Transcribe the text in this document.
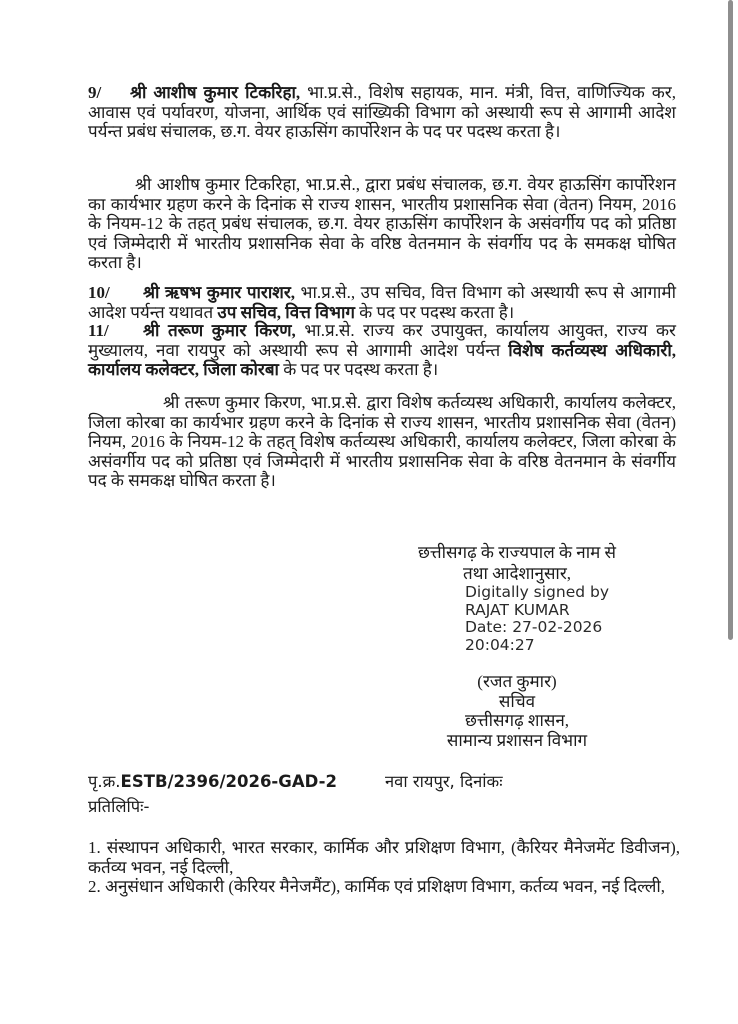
9/ श्री आशीष कुमार टिकरिहा, भा.प्र.से., विशेष सहायक, मान. मंत्री, वित्त, वाणिज्यिक कर, आवास एवं पर्यावरण, योजना, आर्थिक एवं सांख्यिकी विभाग को अस्थायी रूप से आगामी आदेश पर्यन्त प्रबंध संचालक, छ.ग. वेयर हाऊसिंग कार्पोरेशन के पद पर पदस्थ करता है।

श्री आशीष कुमार टिकरिहा, भा.प्र.से., द्वारा प्रबंध संचालक, छ.ग. वेयर हाऊसिंग कार्पोरेशन का कार्यभार ग्रहण करने के दिनांक से राज्य शासन, भारतीय प्रशासनिक सेवा (वेतन) नियम, 2016 के नियम-12 के तहत् प्रबंध संचालक, छ.ग. वेयर हाऊसिंग कार्पोरेशन के असंवर्गीय पद को प्रतिष्ठा एवं जिम्मेदारी में भारतीय प्रशासनिक सेवा के वरिष्ठ वेतनमान के संवर्गीय पद के समकक्ष घोषित करता है।

10/ श्री ऋषभ कुमार पाराशर, भा.प्र.से., उप सचिव, वित्त विभाग को अस्थायी रूप से आगामी आदेश पर्यन्त यथावत उप सचिव, वित्त विभाग के पद पर पदस्थ करता है।

11/ श्री तरूण कुमार किरण, भा.प्र.से. राज्य कर उपायुक्त, कार्यालय आयुक्त, राज्य कर मुख्यालय, नवा रायपुर को अस्थायी रूप से आगामी आदेश पर्यन्त विशेष कर्तव्यस्थ अधिकारी, कार्यालय कलेक्टर, जिला कोरबा के पद पर पदस्थ करता है।

श्री तरूण कुमार किरण, भा.प्र.से. द्वारा विशेष कर्तव्यस्थ अधिकारी, कार्यालय कलेक्टर, जिला कोरबा का कार्यभार ग्रहण करने के दिनांक से राज्य शासन, भारतीय प्रशासनिक सेवा (वेतन) नियम, 2016 के नियम-12 के तहत् विशेष कर्तव्यस्थ अधिकारी, कार्यालय कलेक्टर, जिला कोरबा के असंवर्गीय पद को प्रतिष्ठा एवं जिम्मेदारी में भारतीय प्रशासनिक सेवा के वरिष्ठ वेतनमान के संवर्गीय पद के समकक्ष घोषित करता है।

छत्तीसगढ़ के राज्यपाल के नाम से
तथा आदेशानुसार,
Digitally signed by
RAJAT KUMAR
Date: 27-02-2026
20:04:27
(रजत कुमार)
सचिव
छत्तीसगढ़ शासन,
सामान्य प्रशासन विभाग
पृ.क्र.ESTB/2396/2026-GAD-2	नवा रायपुर, दिनांकः
प्रतिलिपिः-

1. संस्थापन अधिकारी, भारत सरकार, कार्मिक और प्रशिक्षण विभाग, (कैरियर मैनेजमेंट डिवीजन), कर्तव्य भवन, नई दिल्ली,

2. अनुसंधान अधिकारी (केरियर मैनेजमैंट), कार्मिक एवं प्रशिक्षण विभाग, कर्तव्य भवन, नई दिल्ली,
